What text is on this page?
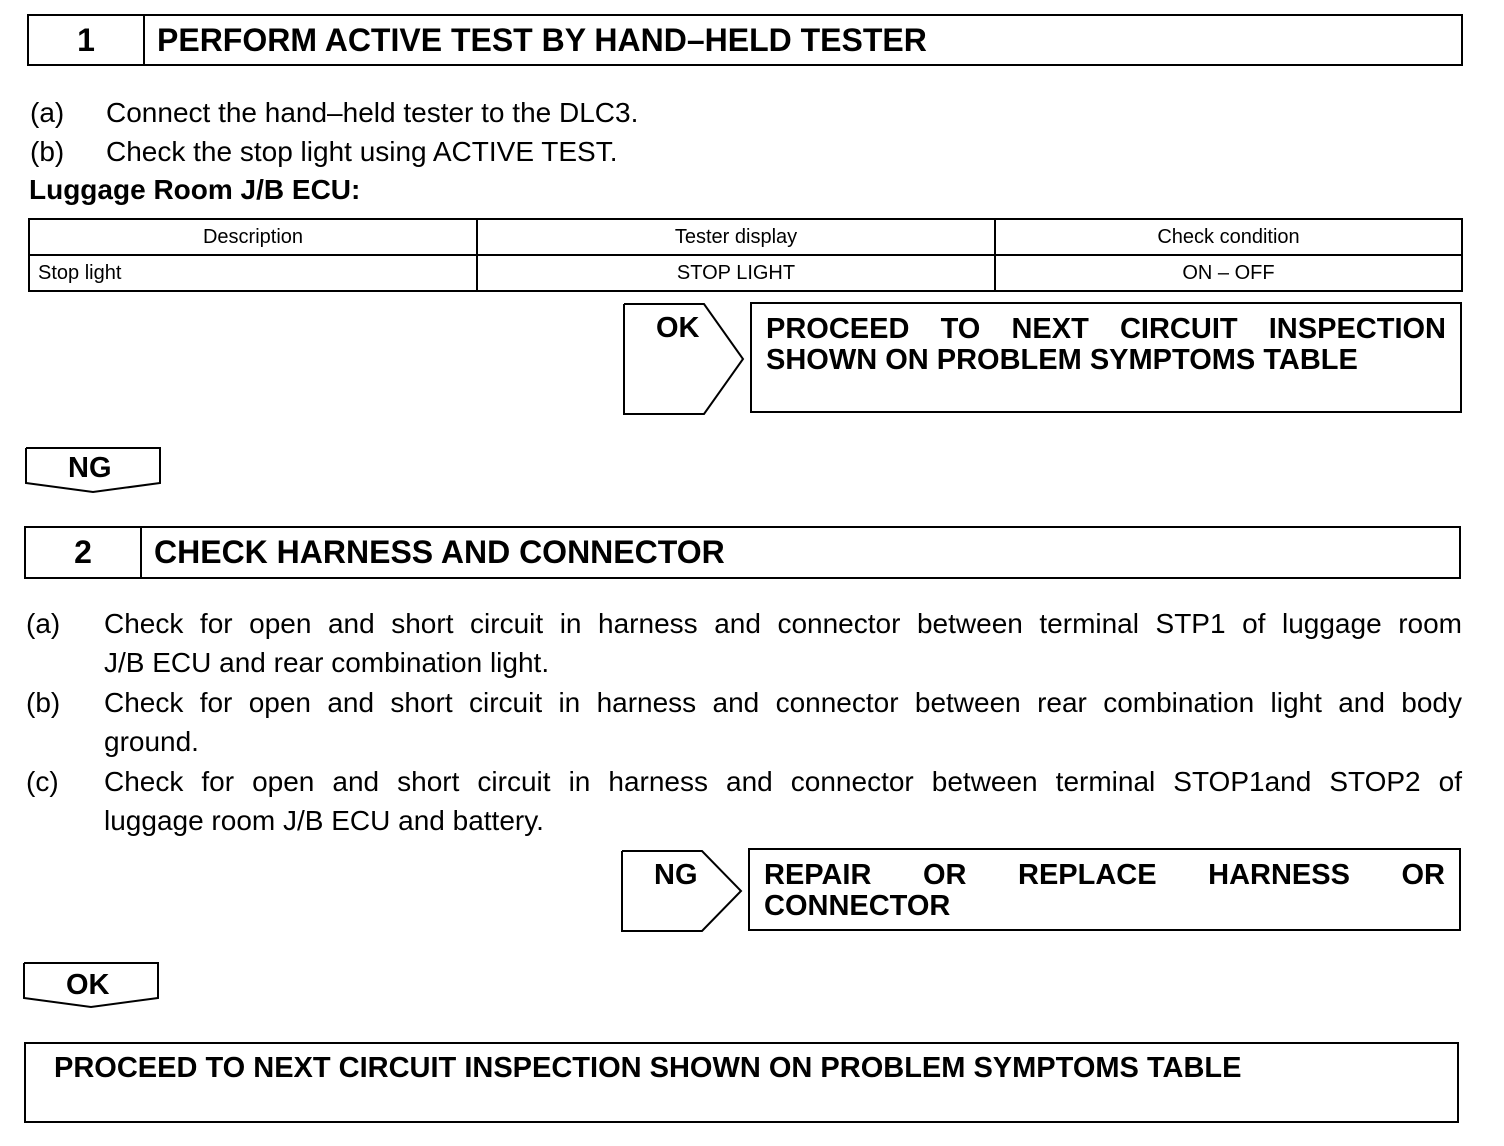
1	PERFORM ACTIVE TEST BY HAND–HELD TESTER
(a) Connect the hand–held tester to the DLC3.
(b) Check the stop light using ACTIVE TEST.
Luggage Room J/B ECU:
Description	Tester display	Check condition
Stop light	STOP LIGHT	ON – OFF
OK PROCEED TO NEXT CIRCUIT INSPECTION
SHOWN ON PROBLEM SYMPTOMS TABLE
NG
2	CHECK HARNESS AND CONNECTOR
(a) Check for open and short circuit in harness and connector between terminal STP1 of luggage room
J/B ECU and rear combination light.
(b) Check for open and short circuit in harness and connector between rear combination light and body
ground.
(c) Check for open and short circuit in harness and connector between terminal STOP1and STOP2 of
luggage room J/B ECU and battery.
NG REPAIR OR REPLACE HARNESS OR
CONNECTOR
OK
PROCEED TO NEXT CIRCUIT INSPECTION SHOWN ON PROBLEM SYMPTOMS TABLE
